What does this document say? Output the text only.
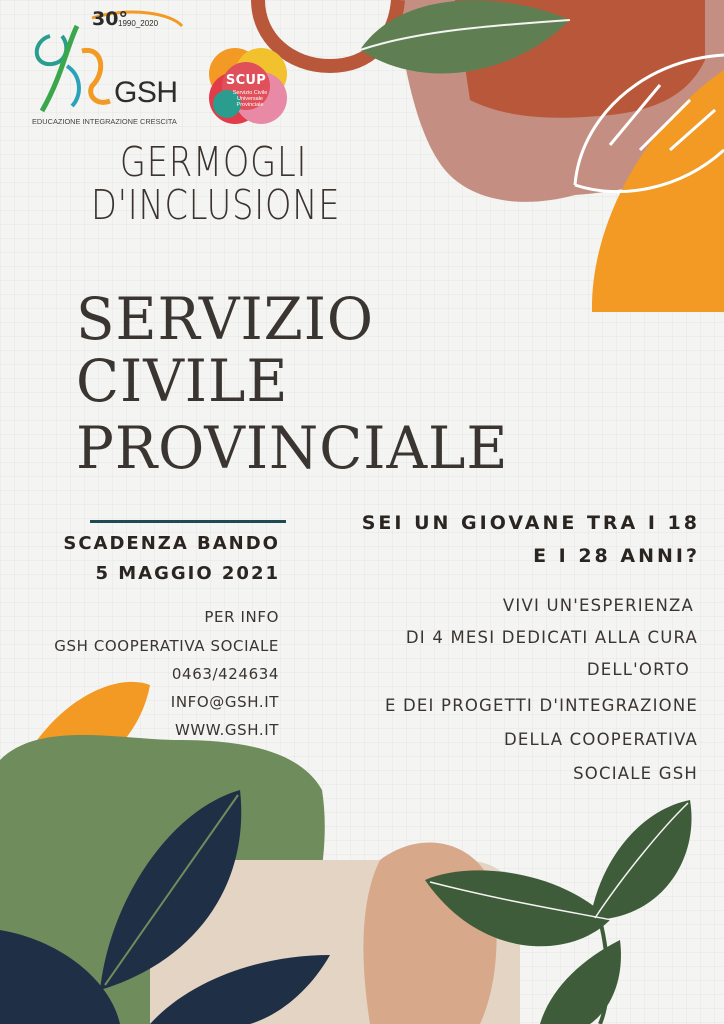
30°
1990_2020
GSH
EDUCAZIONE INTEGRAZIONE CRESCITA
SCUP
Servizio Civile Universale Provinciale
GERMOGLI
D'INCLUSIONE
SERVIZIO
CIVILE
PROVINCIALE
SCADENZA BANDO
5 MAGGIO 2021
PER INFO
GSH COOPERATIVA SOCIALE
0463/424634
INFO@GSH.IT
WWW.GSH.IT
SEI UN GIOVANE TRA I 18
E I 28 ANNI?
VIVI UN'ESPERIENZA
DI 4 MESI DEDICATI ALLA CURA
DELL'ORTO
E DEI PROGETTI D'INTEGRAZIONE
DELLA COOPERATIVA
SOCIALE GSH
